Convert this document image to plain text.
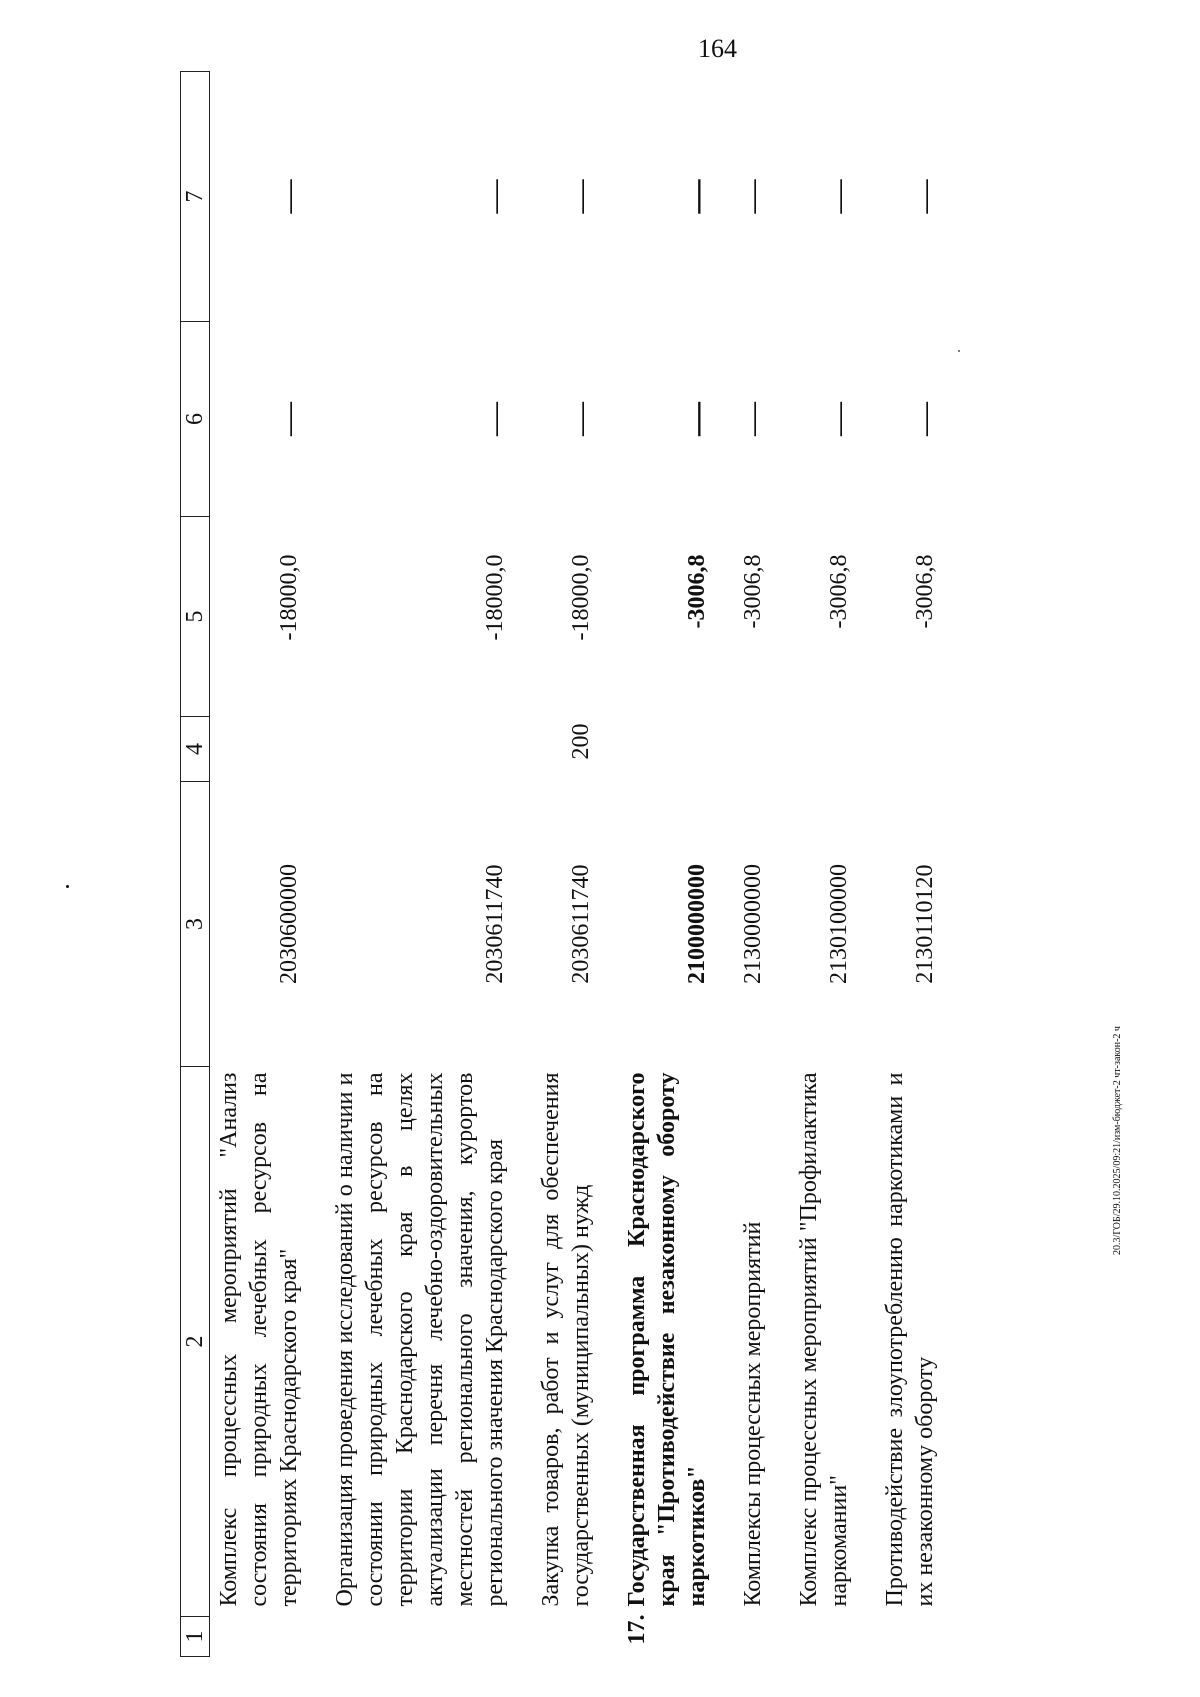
164
20.3/ГОБ/29.10.2025/09:21/изм-бюджет-2 чт-закон-2 ч
1	2	3	4	5	6	7
	Комплекс процессных мероприятий "Анализ состояния природных лечебных ресурсов на территориях Краснодарского края"	2030600000		-18000,0	—	—

	Организация проведения исследований о наличии и состоянии природных лечебных ресурсов на территории Краснодарского края в целях актуализации перечня лечебно-оздоровительных местностей регионального значения, курортов регионального значения Краснодарского края	2030611740		-18000,0	—	—

	Закупка товаров, работ и услуг для обеспечения государственных (муниципальных) нужд	2030611740	200	-18000,0	—	—

	17.Государственная программа Краснодарского края "Противодействие незаконному обороту наркотиков"	2100000000		-3006,8	—	—

	Комплексы процессных мероприятий	2130000000		-3006,8	—	—

	Комплекс процессных мероприятий "Профилактика наркомании"	2130100000		-3006,8	—	—

	Противодействие злоупотреблению наркотиками и их незаконному обороту	2130110120		-3006,8	—	—
